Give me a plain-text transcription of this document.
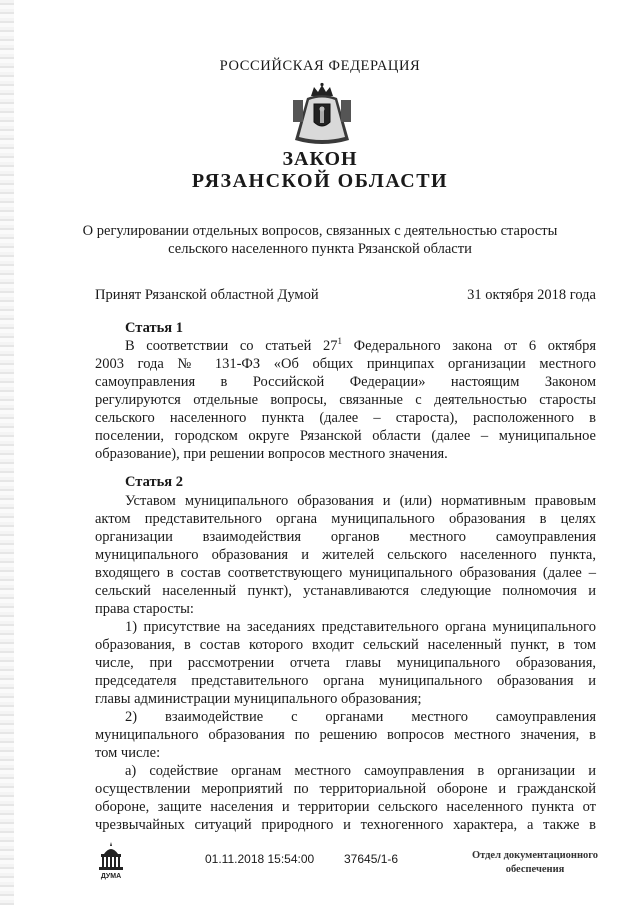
РОССИЙСКАЯ ФЕДЕРАЦИЯ
ЗАКОН
РЯЗАНСКОЙ ОБЛАСТИ
О регулировании отдельных вопросов, связанных с деятельностью старосты
сельского населенного пункта Рязанской области
Принят Рязанской областной Думой	31 октября 2018 года
Статья 1
В соответствии со статьей $27^1$ Федерального закона от 6 октября
2003 года № 131-ФЗ «Об общих принципах организации местного
самоуправления в Российской Федерации» настоящим Законом
регулируются отдельные вопросы, связанные с деятельностью старосты
сельского населенного пункта (далее – староста), расположенного в
поселении, городском округе Рязанской области (далее – муниципальное
образование), при решении вопросов местного значения.
Статья 2
Уставом муниципального образования и (или) нормативным правовым
актом представительного органа муниципального образования в целях
организации взаимодействия органов местного самоуправления
муниципального образования и жителей сельского населенного пункта,
входящего в состав соответствующего муниципального образования (далее –
сельский населенный пункт), устанавливаются следующие полномочия и
права старосты:
1) присутствие на заседаниях представительного органа муниципального
образования, в состав которого входит сельский населенный пункт, в том
числе, при рассмотрении отчета главы муниципального образования,
председателя представительного органа муниципального образования и
главы администрации муниципального образования;
2) взаимодействие с органами местного самоуправления
муниципального образования по решению вопросов местного значения, в
том числе:
а) содействие органам местного самоуправления в организации и
осуществлении мероприятий по территориальной обороне и гражданской
обороне, защите населения и территории сельского населенного пункта от
чрезвычайных ситуаций природного и техногенного характера, а также в
ДУМА
01.11.2018 15:54:00 37645/1-6	Отдел документационного
обеспечения
